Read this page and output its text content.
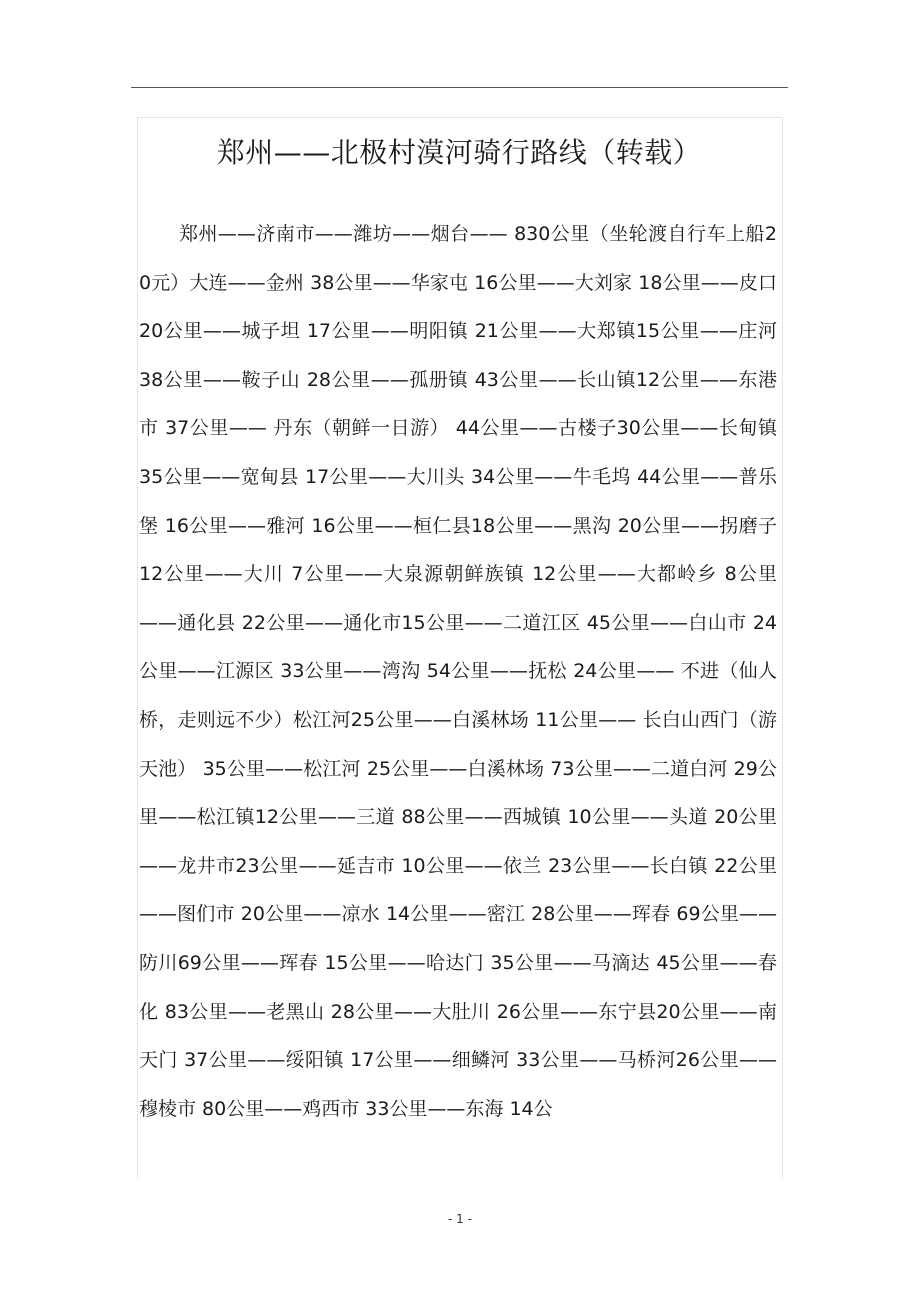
郑州——北极村漠河骑行路线（转载）

郑州——济南市——潍坊——烟台—— 830公里（坐轮渡自行车上船20元）大连——金州 38公里——华家屯 16公里——大刘家 18公里——皮口 20公里——城子坦 17公里——明阳镇 21公里——大郑镇15公里——庄河 38公里——鞍子山 28公里——孤册镇 43公里——长山镇12公里——东港市 37公里—— 丹东（朝鲜一日游） 44公里——古楼子30公里——长甸镇 35公里——宽甸县 17公里——大川头 34公里——牛毛坞 44公里——普乐堡 16公里——雅河 16公里——桓仁县18公里——黑沟 20公里——拐磨子 12公里——大川 7公里——大泉源朝鲜族镇 12公里——大都岭乡 8公里——通化县 22公里——通化市15公里——二道江区 45公里——白山市 24公里——江源区 33公里——湾沟 54公里——抚松 24公里—— 不进（仙人桥，走则远不少）松江河25公里——白溪林场 11公里—— 长白山西门（游天池） 35公里——松江河 25公里——白溪林场 73公里——二道白河 29公里——松江镇12公里——三道 88公里——西城镇 10公里——头道 20公里——龙井市23公里——延吉市 10公里——依兰 23公里——长白镇 22公里——图们市 20公里——凉水 14公里——密江 28公里——珲春 69公里——防川69公里——珲春 15公里——哈达门 35公里——马滴达 45公里——春化 83公里——老黑山 28公里——大肚川 26公里——东宁县20公里——南天门 37公里——绥阳镇 17公里——细鳞河 33公里——马桥河26公里——穆棱市 80公里——鸡西市 33公里——东海 14公

- 1 -
